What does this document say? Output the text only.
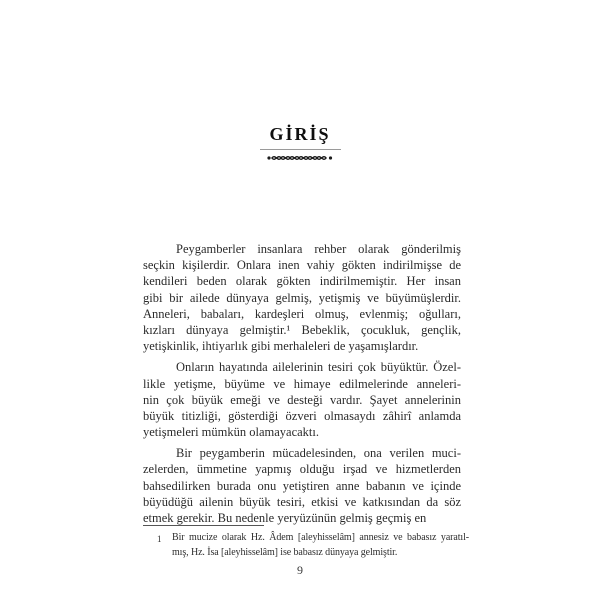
GİRİŞ
Peygamberler insanlara rehber olarak gönderilmiş
seçkin kişilerdir. Onlara inen vahiy gökten indirilmişse de
kendileri beden olarak gökten indirilmemiştir. Her insan
gibi bir ailede dünyaya gelmiş, yetişmiş ve büyümüşlerdir.
Anneleri, babaları, kardeşleri olmuş, evlenmiş; oğulları,
kızları dünyaya gelmiştir.¹ Bebeklik, çocukluk, gençlik,
yetişkinlik, ihtiyarlık gibi merhaleleri de yaşamışlardır.
Onların hayatında ailelerinin tesiri çok büyüktür. Özel-
likle yetişme, büyüme ve himaye edilmelerinde anneleri-
nin çok büyük emeği ve desteği vardır. Şayet annelerinin
büyük titizliği, gösterdiği özveri olmasaydı zâhirî anlamda
yetişmeleri mümkün olamayacaktı.
Bir peygamberin mücadelesinden, ona verilen muci-
zelerden, ümmetine yapmış olduğu irşad ve hizmetlerden
bahsedilirken burada onu yetiştiren anne babanın ve içinde
büyüdüğü ailenin büyük tesiri, etkisi ve katkısından da söz
etmek gerekir. Bu nedenle yeryüzünün gelmiş geçmiş en
1 Bir mucize olarak Hz. Âdem [aleyhisselâm] annesiz ve babasız yaratıl-
mış, Hz. İsa [aleyhisselâm] ise babasız dünyaya gelmiştir.
9
